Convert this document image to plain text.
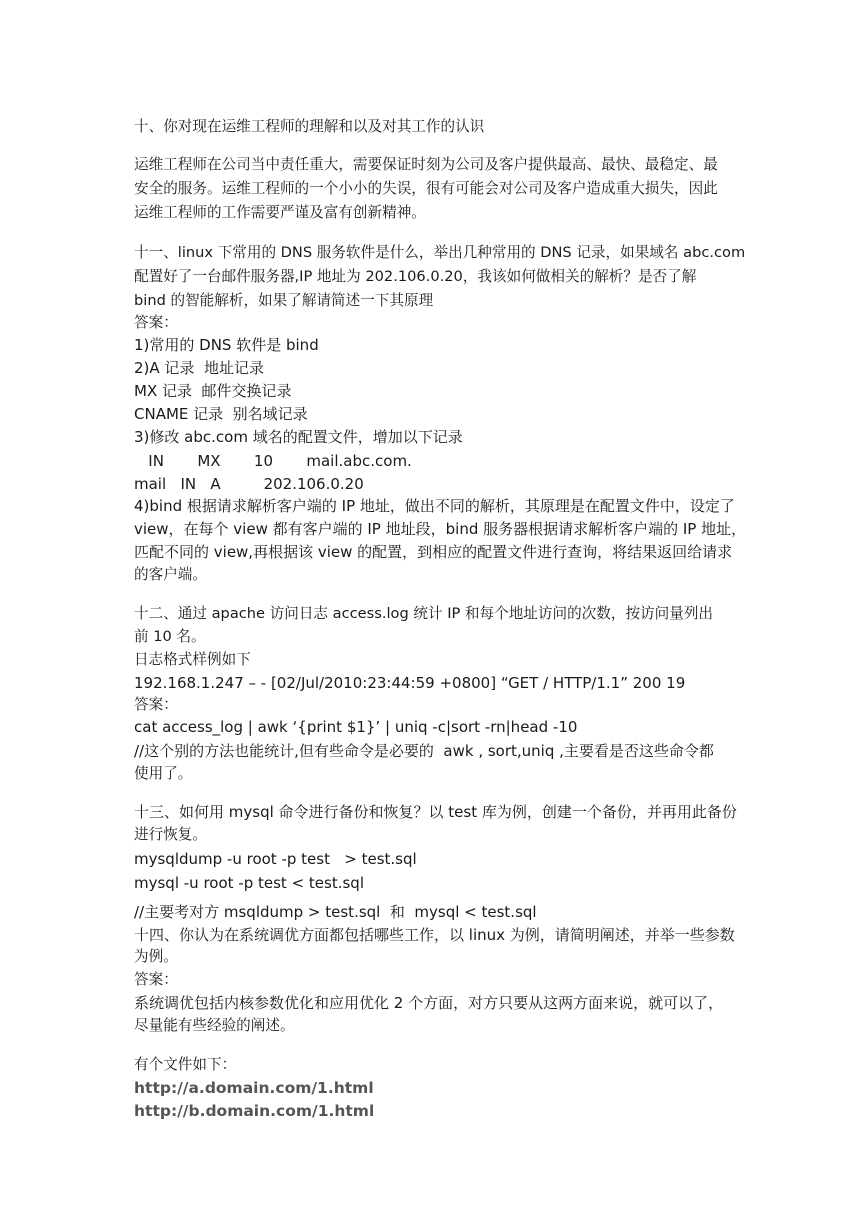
十、你对现在运维工程师的理解和以及对其工作的认识

运维工程师在公司当中责任重大，需要保证时刻为公司及客户提供最高、最快、最稳定、最

安全的服务。运维工程师的一个小小的失误，很有可能会对公司及客户造成重大损失，因此

运维工程师的工作需要严谨及富有创新精神。

十一、linux 下常用的 DNS 服务软件是什么，举出几种常用的 DNS 记录，如果域名 abc.com

配置好了一台邮件服务器,IP 地址为 202.106.0.20，我该如何做相关的解析？是否了解

bind 的智能解析，如果了解请简述一下其原理

答案：

1)常用的 DNS 软件是 bind

2)A 记录  地址记录

MX 记录  邮件交换记录

CNAME 记录  别名域记录

3)修改 abc.com 域名的配置文件，增加以下记录

IN       MX       10       mail.abc.com.

mail   IN   A         202.106.0.20

4)bind 根据请求解析客户端的 IP 地址，做出不同的解析，其原理是在配置文件中，设定了

view，在每个 view 都有客户端的 IP 地址段，bind 服务器根据请求解析客户端的 IP 地址，

匹配不同的 view,再根据该 view 的配置，到相应的配置文件进行查询，将结果返回给请求

的客户端。

十二、通过 apache 访问日志 access.log 统计 IP 和每个地址访问的次数，按访问量列出

前 10 名。

日志格式样例如下

192.168.1.247 – - [02/Jul/2010:23:44:59 +0800] “GET / HTTP/1.1” 200 19

答案：

cat access_log | awk ‘{print $1}’ | uniq -c|sort -rn|head -10

//这个别的方法也能统计,但有些命令是必要的  awk , sort,uniq ,主要看是否这些命令都

使用了。

十三、如何用 mysql 命令进行备份和恢复？以 test 库为例，创建一个备份，并再用此备份

进行恢复。

mysqldump -u root -p test   > test.sql

mysql -u root -p test < test.sql

//主要考对方 msqldump > test.sql  和  mysql < test.sql

十四、你认为在系统调优方面都包括哪些工作，以 linux 为例，请简明阐述，并举一些参数

为例。

答案：

系统调优包括内核参数优化和应用优化 2 个方面，对方只要从这两方面来说，就可以了，

尽量能有些经验的阐述。

有个文件如下：

http://a.domain.com/1.html

http://b.domain.com/1.html
